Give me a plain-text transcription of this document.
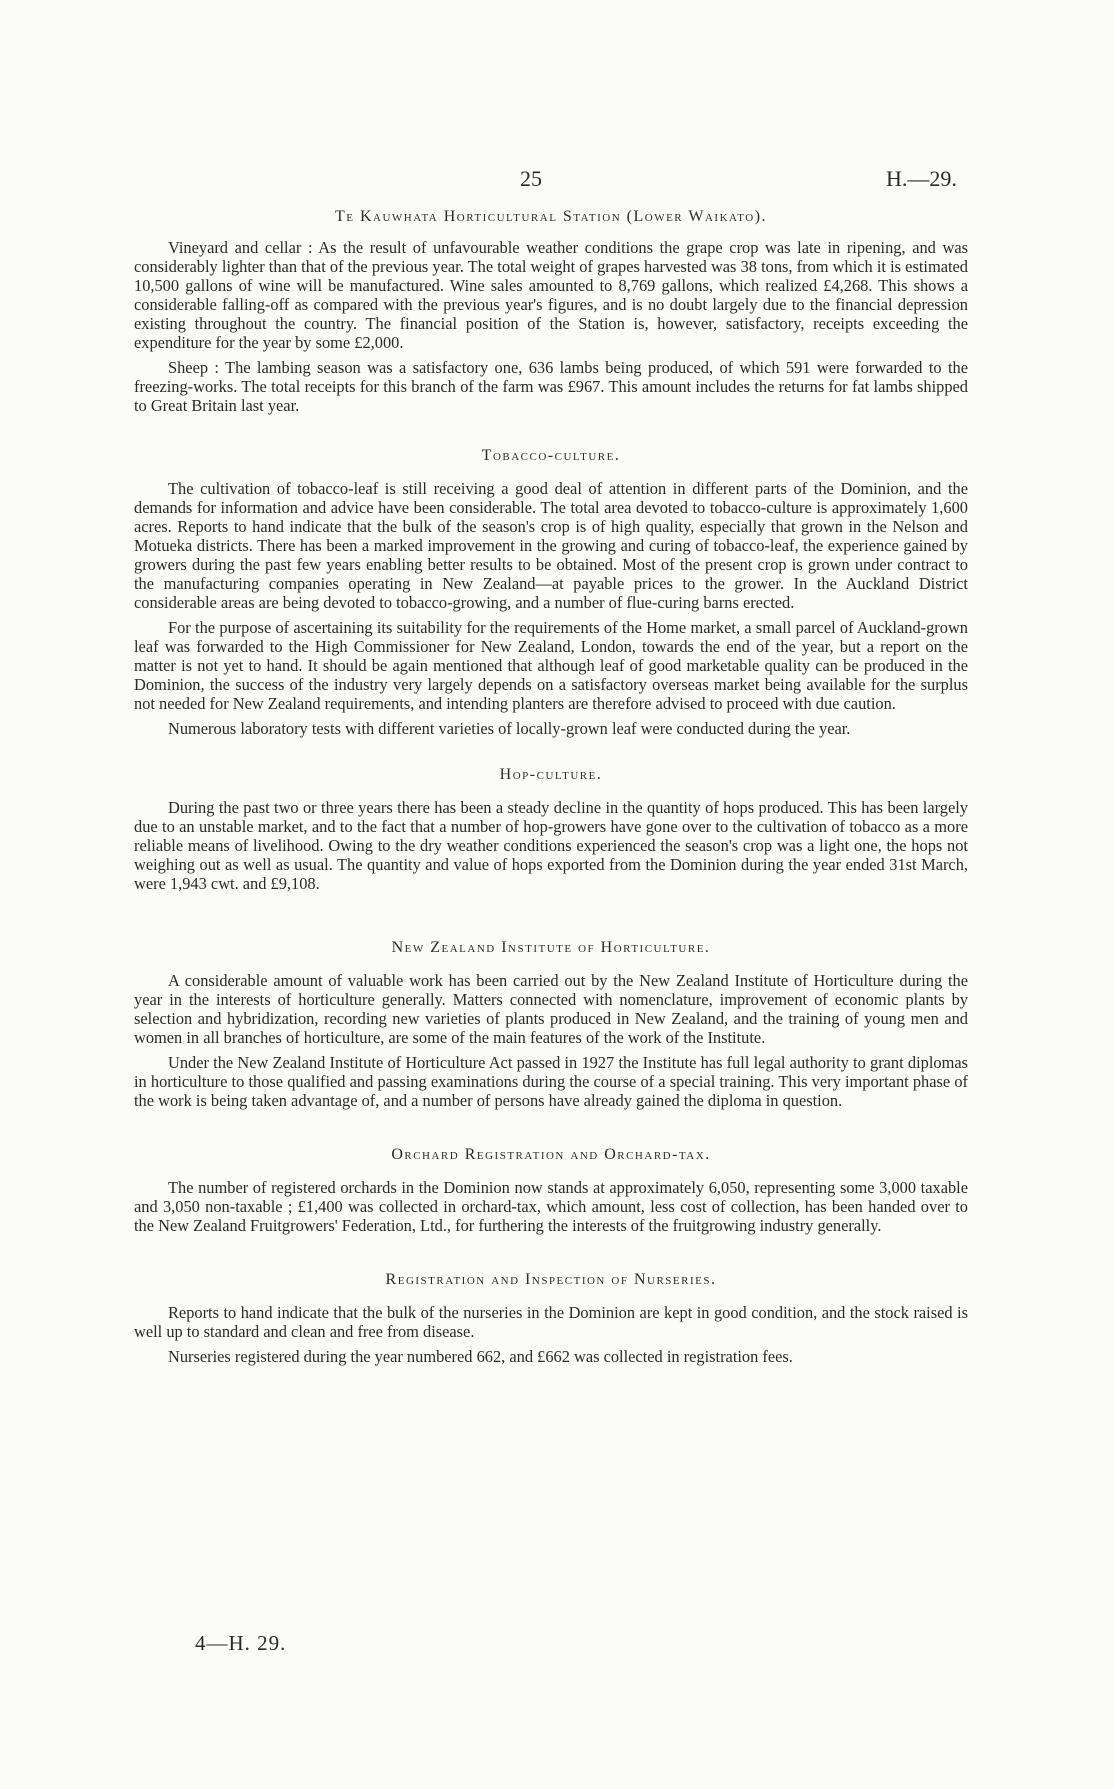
25	H.—29.
Te Kauwhata Horticultural Station (Lower Waikato).

Vineyard and cellar : As the result of unfavourable weather conditions the grape crop was late in ripening, and was considerably lighter than that of the previous year. The total weight of grapes harvested was 38 tons, from which it is estimated 10,500 gallons of wine will be manufactured. Wine sales amounted to 8,769 gallons, which realized £4,268. This shows a considerable falling-off as compared with the previous year's figures, and is no doubt largely due to the financial depression existing throughout the country. The financial position of the Station is, however, satisfactory, receipts exceeding the expenditure for the year by some £2,000.

Sheep : The lambing season was a satisfactory one, 636 lambs being produced, of which 591 were forwarded to the freezing-works. The total receipts for this branch of the farm was £967. This amount includes the returns for fat lambs shipped to Great Britain last year.

Tobacco-culture.

The cultivation of tobacco-leaf is still receiving a good deal of attention in different parts of the Dominion, and the demands for information and advice have been considerable. The total area devoted to tobacco-culture is approximately 1,600 acres. Reports to hand indicate that the bulk of the season's crop is of high quality, especially that grown in the Nelson and Motueka districts. There has been a marked improvement in the growing and curing of tobacco-leaf, the experience gained by growers during the past few years enabling better results to be obtained. Most of the present crop is grown under contract to the manufacturing companies operating in New Zealand—at payable prices to the grower. In the Auckland District considerable areas are being devoted to tobacco-growing, and a number of flue-curing barns erected.

For the purpose of ascertaining its suitability for the requirements of the Home market, a small parcel of Auckland-grown leaf was forwarded to the High Commissioner for New Zealand, London, towards the end of the year, but a report on the matter is not yet to hand. It should be again mentioned that although leaf of good marketable quality can be produced in the Dominion, the success of the industry very largely depends on a satisfactory overseas market being available for the surplus not needed for New Zealand requirements, and intending planters are therefore advised to proceed with due caution.

Numerous laboratory tests with different varieties of locally-grown leaf were conducted during the year.

Hop-culture.

During the past two or three years there has been a steady decline in the quantity of hops produced. This has been largely due to an unstable market, and to the fact that a number of hop-growers have gone over to the cultivation of tobacco as a more reliable means of livelihood. Owing to the dry weather conditions experienced the season's crop was a light one, the hops not weighing out as well as usual. The quantity and value of hops exported from the Dominion during the year ended 31st March, were 1,943 cwt. and £9,108.

New Zealand Institute of Horticulture.

A considerable amount of valuable work has been carried out by the New Zealand Institute of Horticulture during the year in the interests of horticulture generally. Matters connected with nomenclature, improvement of economic plants by selection and hybridization, recording new varieties of plants produced in New Zealand, and the training of young men and women in all branches of horticulture, are some of the main features of the work of the Institute.

Under the New Zealand Institute of Horticulture Act passed in 1927 the Institute has full legal authority to grant diplomas in horticulture to those qualified and passing examinations during the course of a special training. This very important phase of the work is being taken advantage of, and a number of persons have already gained the diploma in question.

Orchard Registration and Orchard-tax.

The number of registered orchards in the Dominion now stands at approximately 6,050, representing some 3,000 taxable and 3,050 non-taxable ; £1,400 was collected in orchard-tax, which amount, less cost of collection, has been handed over to the New Zealand Fruitgrowers' Federation, Ltd., for furthering the interests of the fruitgrowing industry generally.

Registration and Inspection of Nurseries.

Reports to hand indicate that the bulk of the nurseries in the Dominion are kept in good condition, and the stock raised is well up to standard and clean and free from disease.

Nurseries registered during the year numbered 662, and £662 was collected in registration fees.

4—H. 29.
